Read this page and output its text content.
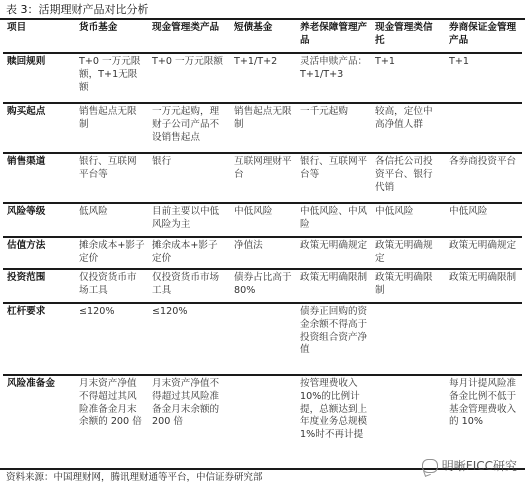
表 3：活期理财产品对比分析
项目	货币基金	现金管理类产品	短债基金	养老保障管理产品	现金管理类信托	券商保证金管理产品
赎回规则	T+0 一万元限额，T+1无限额	T+0 一万元限额	T+1/T+2	灵活申赎产品：T+1/T+3	T+1	T+1
购买起点	销售起点无限制	一万元起购，理财子公司产品不设销售起点	销售起点无限制	一千元起购	较高，定位中高净值人群	
销售渠道	银行、互联网平台等	银行	互联网理财平台	银行、互联网平台等	各信托公司投资平台、银行代销	各券商投资平台
风险等级	低风险	目前主要以中低风险为主	中低风险	中低风险、中风险	中低风险	中低风险
估值方法	摊余成本+影子定价	摊余成本+影子定价	净值法	政策无明确规定	政策无明确规定	政策无明确规定
投资范围	仅投资货币市场工具	仅投资货币市场工具	债券占比高于 80%	政策无明确限制	政策无明确限制	政策无明确限制
杠杆要求	≤120%	≤120%		债券正回购的资金余额不得高于投资组合资产净值		
风险准备金	月末资产净值不得超过其风险准备金月末余额的 200 倍	月末资产净值不得超过其风险准备金月末余额的 200 倍		按管理费收入10%的比例计提，总额达到上年度业务总规模 1%时不再计提		每月计提风险准备金比例不低于基金管理费收入的 10%
资料来源：中国理财网，腾讯理财通等平台，中信证券研究部
明晰FICC研究
